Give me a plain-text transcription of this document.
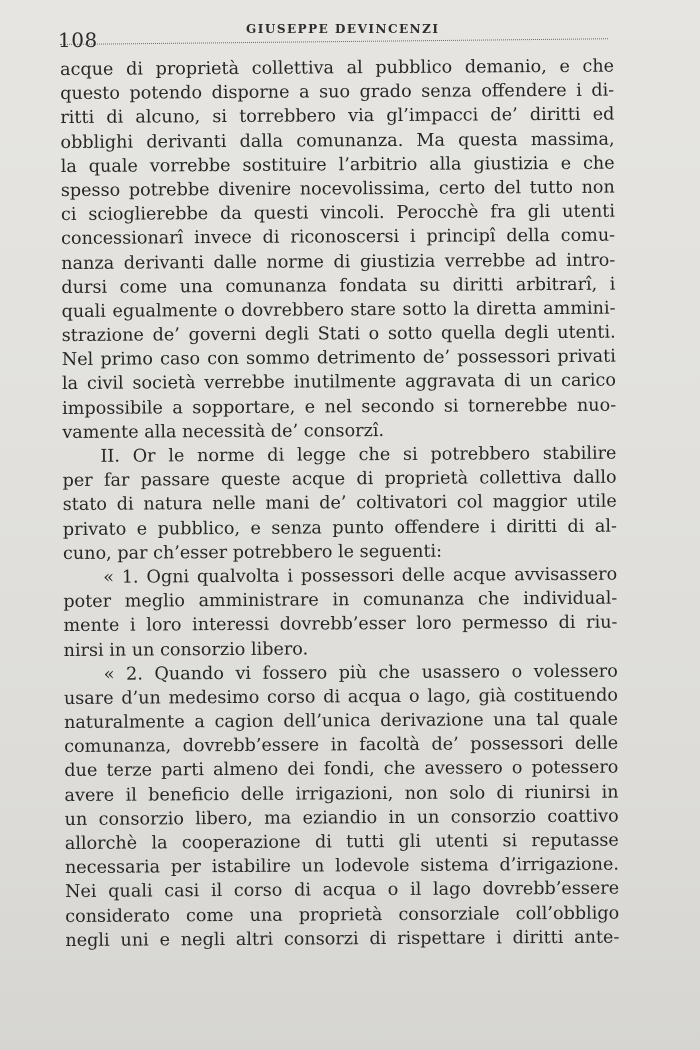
108	GIUSEPPE DEVINCENZI
acque di proprietà collettiva al pubblico demanio, e che
questo potendo disporne a suo grado senza offendere i di-
ritti di alcuno, si torrebbero via gl’impacci de’ diritti ed
obblighi derivanti dalla comunanza. Ma questa massima,
la quale vorrebbe sostituire l’arbitrio alla giustizia e che
spesso potrebbe divenire nocevolissima, certo del tutto non
ci scioglierebbe da questi vincoli. Perocchè fra gli utenti
concessionarî invece di riconoscersi i principî della comu-
nanza derivanti dalle norme di giustizia verrebbe ad intro-
dursi come una comunanza fondata su diritti arbitrarî, i
quali egualmente o dovrebbero stare sotto la diretta ammini-
strazione de’ governi degli Stati o sotto quella degli utenti.
Nel primo caso con sommo detrimento de’ possessori privati
la civil società verrebbe inutilmente aggravata di un carico
impossibile a sopportare, e nel secondo si tornerebbe nuo-
vamente alla necessità de’ consorzî.
II. Or le norme di legge che si potrebbero stabilire
per far passare queste acque di proprietà collettiva dallo
stato di natura nelle mani de’ coltivatori col maggior utile
privato e pubblico, e senza punto offendere i diritti di al-
cuno, par ch’esser potrebbero le seguenti:
« 1. Ogni qualvolta i possessori delle acque avvisassero
poter meglio amministrare in comunanza che individual-
mente i loro interessi dovrebb’esser loro permesso di riu-
nirsi in un consorzio libero.
« 2. Quando vi fossero più che usassero o volessero
usare d’un medesimo corso di acqua o lago, già costituendo
naturalmente a cagion dell’unica derivazione una tal quale
comunanza, dovrebb’essere in facoltà de’ possessori delle
due terze parti almeno dei fondi, che avessero o potessero
avere il beneficio delle irrigazioni, non solo di riunirsi in
un consorzio libero, ma eziandio in un consorzio coattivo
allorchè la cooperazione di tutti gli utenti si reputasse
necessaria per istabilire un lodevole sistema d’irrigazione.
Nei quali casi il corso di acqua o il lago dovrebb’essere
considerato come una proprietà consorziale coll’obbligo
negli uni e negli altri consorzi di rispettare i diritti ante-
